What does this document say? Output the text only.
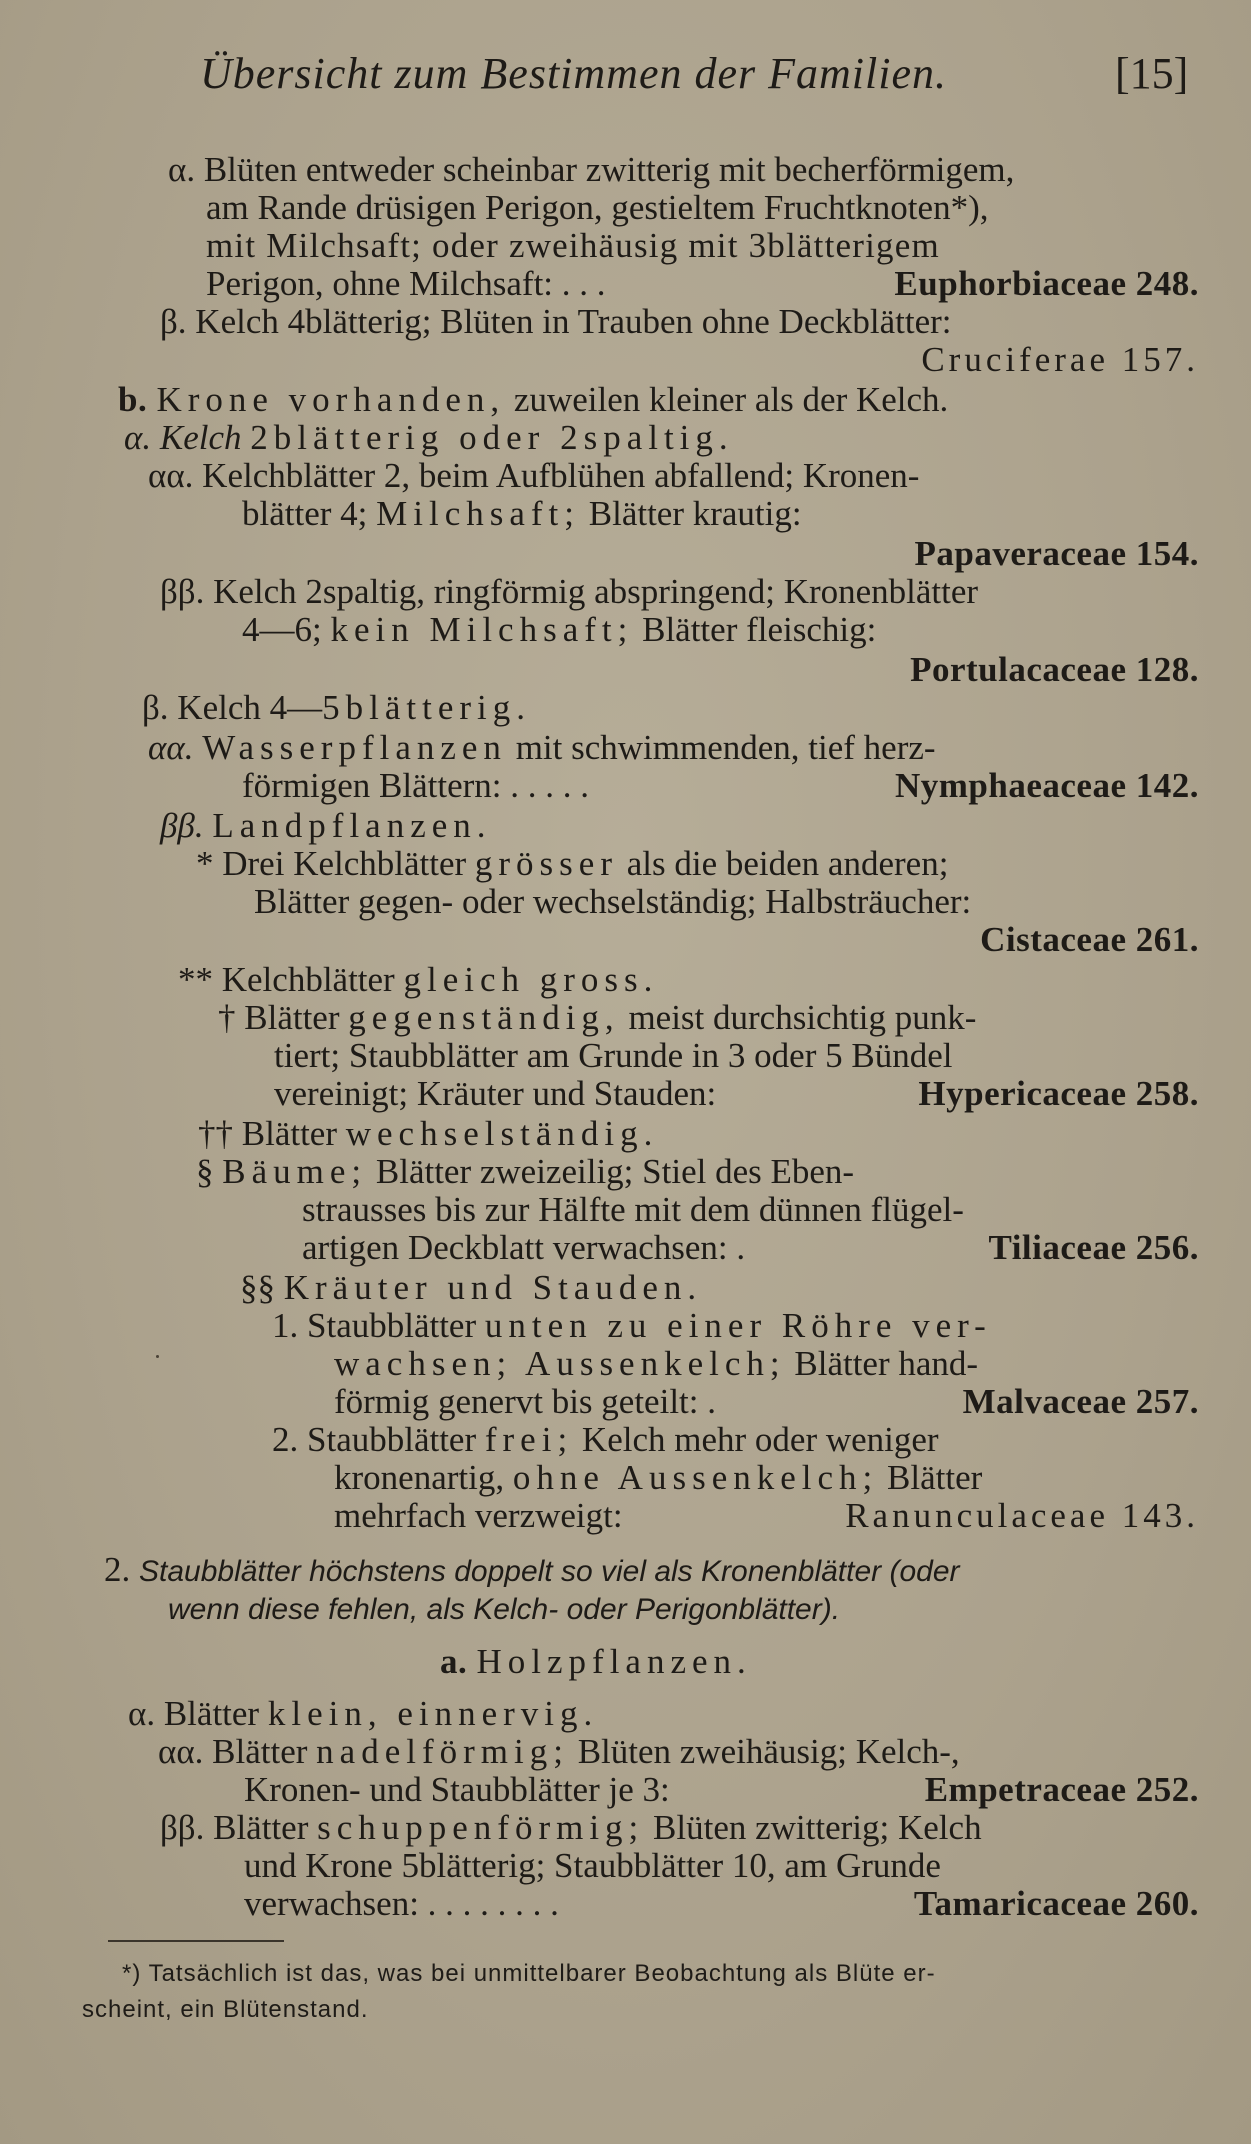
Übersicht zum Bestimmen der Familien.	[15]
α. Blüten entweder scheinbar zwitterig mit becherförmigem,
am Rande drüsigen Perigon, gestieltem Fruchtknoten*),
mit Milchsaft; oder zweihäusig mit 3blätterigem
Perigon, ohne Milchsaft: . . .	Euphorbiaceae 248.
β. Kelch 4blätterig; Blüten in Trauben ohne Deckblätter:
Cruciferae 157.
b. Krone vorhanden, zuweilen kleiner als der Kelch.
α. Kelch 2blätterig oder 2spaltig.
αα. Kelchblätter 2, beim Aufblühen abfallend; Kronen-
blätter 4; Milchsaft; Blätter krautig:
Papaveraceae 154.
ββ. Kelch 2spaltig, ringförmig abspringend; Kronenblätter
4—6; kein Milchsaft; Blätter fleischig:
Portulacaceae 128.
β. Kelch 4—5blätterig.
αα. Wasserpflanzen mit schwimmenden, tief herz-
förmigen Blättern: . . . . .	Nymphaeaceae 142.
ββ. Landpflanzen.
* Drei Kelchblätter grösser als die beiden anderen;
Blätter gegen- oder wechselständig; Halbsträucher:
Cistaceae 261.
** Kelchblätter gleich gross.
† Blätter gegenständig, meist durchsichtig punk-
tiert; Staubblätter am Grunde in 3 oder 5 Bündel
vereinigt; Kräuter und Stauden:	Hypericaceae 258.
†† Blätter wechselständig.
§ Bäume; Blätter zweizeilig; Stiel des Eben-
strausses bis zur Hälfte mit dem dünnen flügel-
artigen Deckblatt verwachsen: .	Tiliaceae 256.
§§ Kräuter und Stauden.
1. Staubblätter unten zu einer Röhre ver-
wachsen; Aussenkelch; Blätter hand-
förmig genervt bis geteilt: .	Malvaceae 257.
2. Staubblätter frei; Kelch mehr oder weniger
kronenartig, ohne Aussenkelch; Blätter
mehrfach verzweigt:	Ranunculaceae 143.
2. Staubblätter höchstens doppelt so viel als Kronenblätter (oder
wenn diese fehlen, als Kelch- oder Perigonblätter).
a. Holzpflanzen.
α. Blätter klein, einnervig.
αα. Blätter nadelförmig; Blüten zweihäusig; Kelch-,
Kronen- und Staubblätter je 3:	Empetraceae 252.
ββ. Blätter schuppenförmig; Blüten zwitterig; Kelch
und Krone 5blätterig; Staubblätter 10, am Grunde
verwachsen: . . . . . . . .	Tamaricaceae 260.
*) Tatsächlich ist das, was bei unmittelbarer Beobachtung als Blüte er-
scheint, ein Blütenstand.
